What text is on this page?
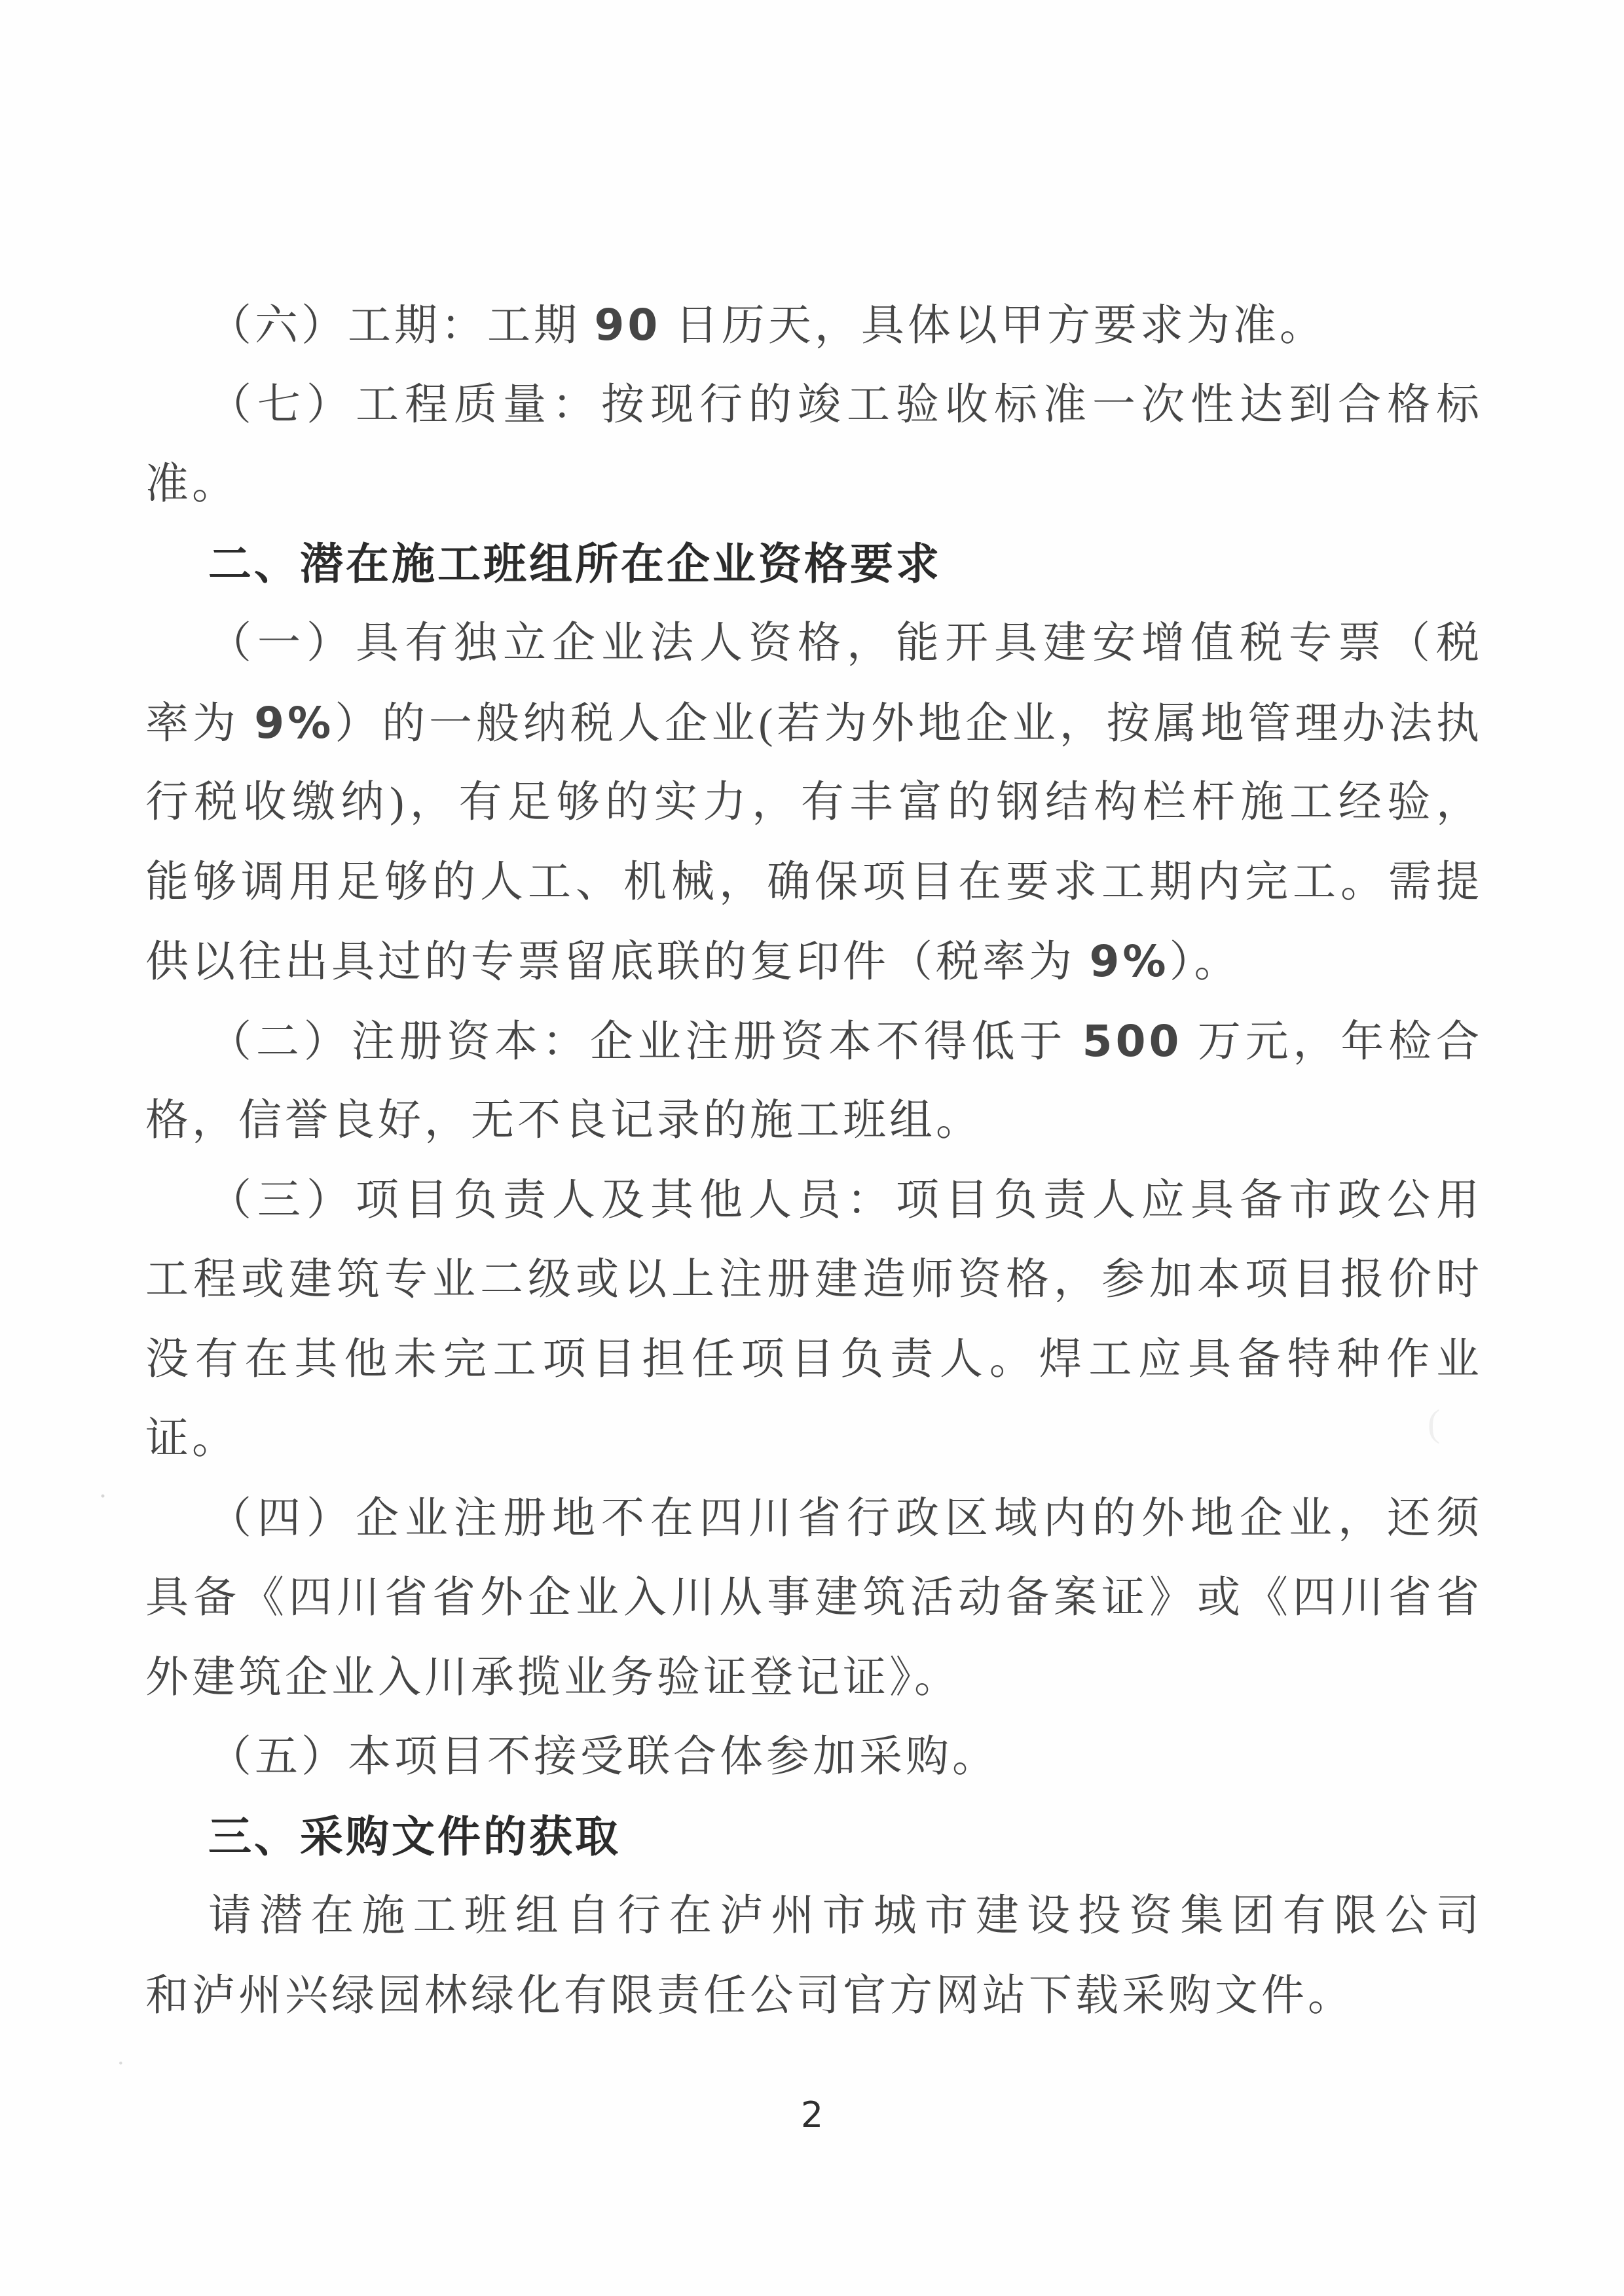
（六）工期：工期 90 日历天，具体以甲方要求为准。
（七）工程质量：按现行的竣工验收标准一次性达到合格标
准。
二、潜在施工班组所在企业资格要求
（一）具有独立企业法人资格，能开具建安增值税专票（税
率为 9%）的一般纳税人企业(若为外地企业，按属地管理办法执
行税收缴纳)，有足够的实力，有丰富的钢结构栏杆施工经验，
能够调用足够的人工、机械，确保项目在要求工期内完工。需提
供以往出具过的专票留底联的复印件（税率为 9%）。
（二）注册资本：企业注册资本不得低于 500 万元，年检合
格，信誉良好，无不良记录的施工班组。
（三）项目负责人及其他人员：项目负责人应具备市政公用
工程或建筑专业二级或以上注册建造师资格，参加本项目报价时
没有在其他未完工项目担任项目负责人。焊工应具备特种作业
证。
（四）企业注册地不在四川省行政区域内的外地企业，还须
具备《四川省省外企业入川从事建筑活动备案证》或《四川省省
外建筑企业入川承揽业务验证登记证》。
（五）本项目不接受联合体参加采购。
三、采购文件的获取
请潜在施工班组自行在泸州市城市建设投资集团有限公司
和泸州兴绿园林绿化有限责任公司官方网站下载采购文件。
2
(
·
·
